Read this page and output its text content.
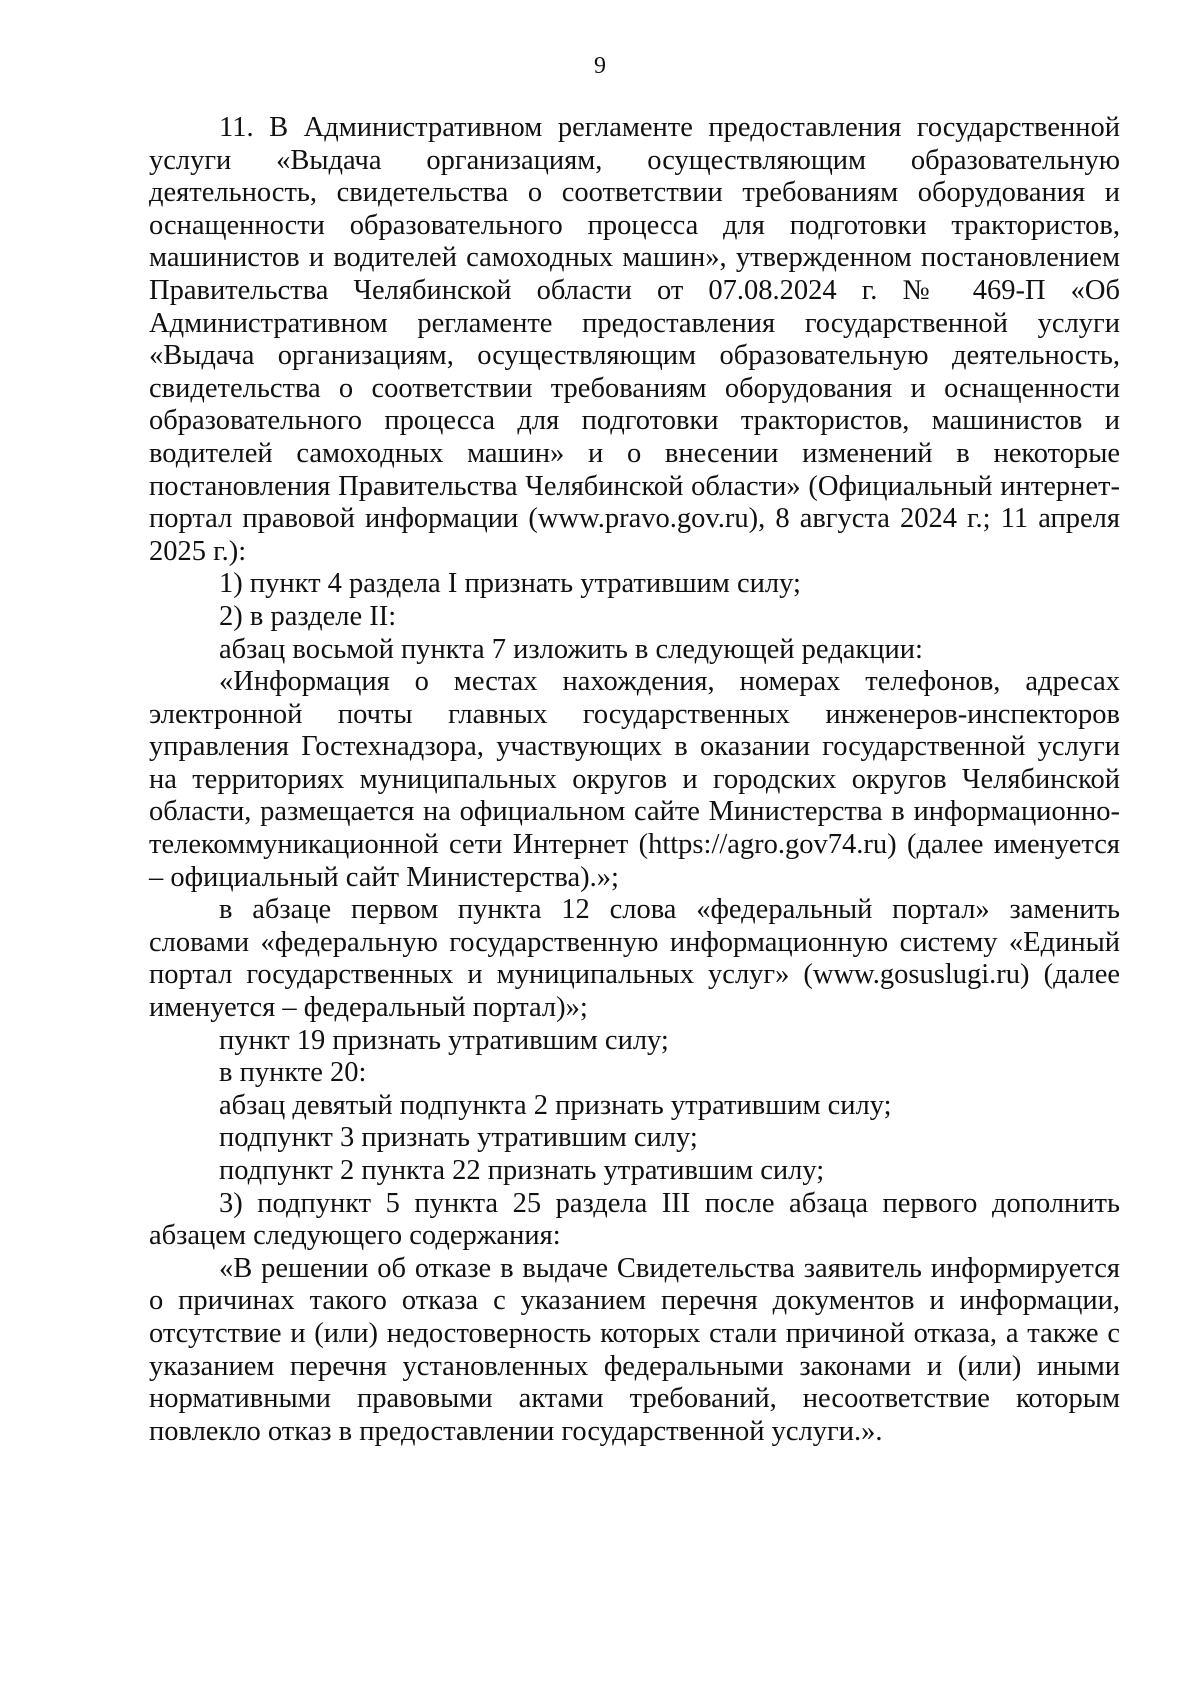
9

11. В Административном регламенте предоставления государственной услуги «Выдача организациям, осуществляющим образовательную деятельность, свидетельства о соответствии требованиям оборудования и оснащенности образовательного процесса для подготовки трактористов, машинистов и водителей самоходных машин», утвержденном постановлением Правительства Челябинской области от 07.08.2024 г. № 469-П «Об Административном регламенте предоставления государственной услуги «Выдача организациям, осуществляющим образовательную деятельность, свидетельства о соответствии требованиям оборудования и оснащенности образовательного процесса для подготовки трактористов, машинистов и водителей самоходных машин» и о внесении изменений в некоторые постановления Правительства Челябинской области» (Официальный интернет-портал правовой информации (www.pravo.gov.ru), 8 августа 2024 г.; 11 апреля 2025 г.):

1) пункт 4 раздела I признать утратившим силу;

2) в разделе II:

абзац восьмой пункта 7 изложить в следующей редакции:

«Информация о местах нахождения, номерах телефонов, адресах электронной почты главных государственных инженеров-инспекторов управления Гостехнадзора, участвующих в оказании государственной услуги на территориях муниципальных округов и городских округов Челябинской области, размещается на официальном сайте Министерства в информационно-телекоммуникационной сети Интернет (https://agro.gov74.ru) (далее именуется – официальный сайт Министерства).»;

в абзаце первом пункта 12 слова «федеральный портал» заменить словами «федеральную государственную информационную систему «Единый портал государственных и муниципальных услуг» (www.gosuslugi.ru) (далее именуется – федеральный портал)»;

пункт 19 признать утратившим силу;

в пункте 20:

абзац девятый подпункта 2 признать утратившим силу;

подпункт 3 признать утратившим силу;

подпункт 2 пункта 22 признать утратившим силу;

3) подпункт 5 пункта 25 раздела III после абзаца первого дополнить абзацем следующего содержания:

«В решении об отказе в выдаче Свидетельства заявитель информируется о причинах такого отказа с указанием перечня документов и информации, отсутствие и (или) недостоверность которых стали причиной отказа, а также с указанием перечня установленных федеральными законами и (или) иными нормативными правовыми актами требований, несоответствие которым повлекло отказ в предоставлении государственной услуги.».
